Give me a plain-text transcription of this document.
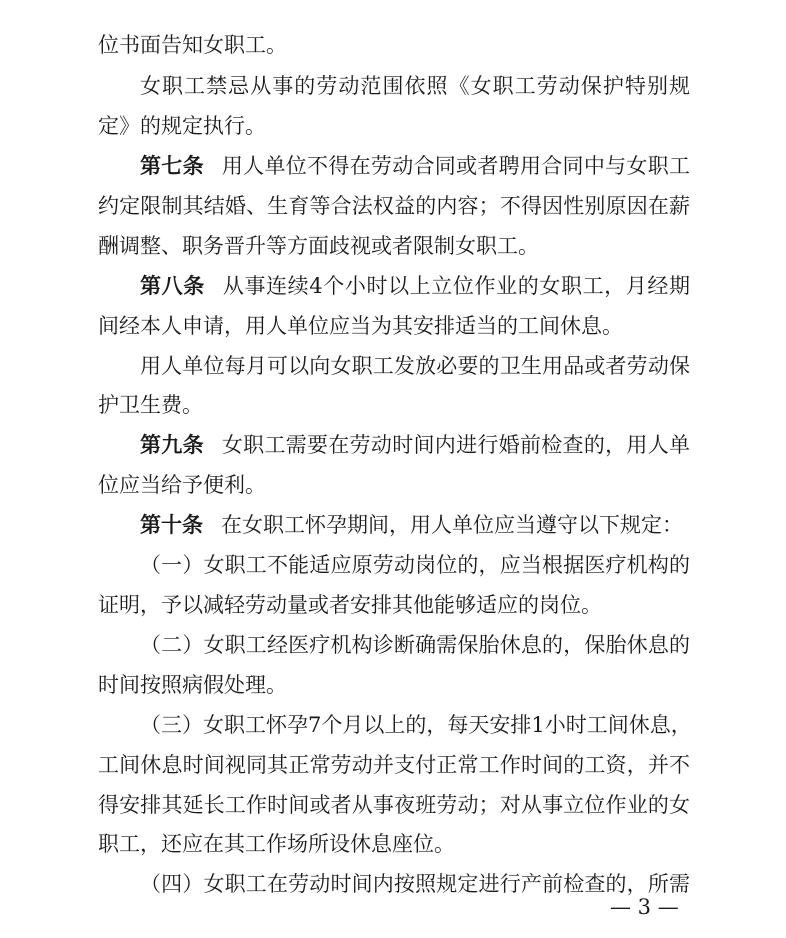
位书面告知女职工。
女职工禁忌从事的劳动范围依照《女职工劳动保护特别规
定》的规定执行。
第七条 用人单位不得在劳动合同或者聘用合同中与女职工
约定限制其结婚、生育等合法权益的内容；不得因性别原因在薪
酬调整、职务晋升等方面歧视或者限制女职工。
第八条 从事连续4个小时以上立位作业的女职工，月经期
间经本人申请，用人单位应当为其安排适当的工间休息。
用人单位每月可以向女职工发放必要的卫生用品或者劳动保
护卫生费。
第九条 女职工需要在劳动时间内进行婚前检查的，用人单
位应当给予便利。
第十条 在女职工怀孕期间，用人单位应当遵守以下规定：
（一）女职工不能适应原劳动岗位的，应当根据医疗机构的
证明，予以减轻劳动量或者安排其他能够适应的岗位。
（二）女职工经医疗机构诊断确需保胎休息的，保胎休息的
时间按照病假处理。
（三）女职工怀孕7个月以上的，每天安排1小时工间休息，
工间休息时间视同其正常劳动并支付正常工作时间的工资，并不
得安排其延长工作时间或者从事夜班劳动；对从事立位作业的女
职工，还应在其工作场所设休息座位。
（四）女职工在劳动时间内按照规定进行产前检查的，所需
— 3 —
